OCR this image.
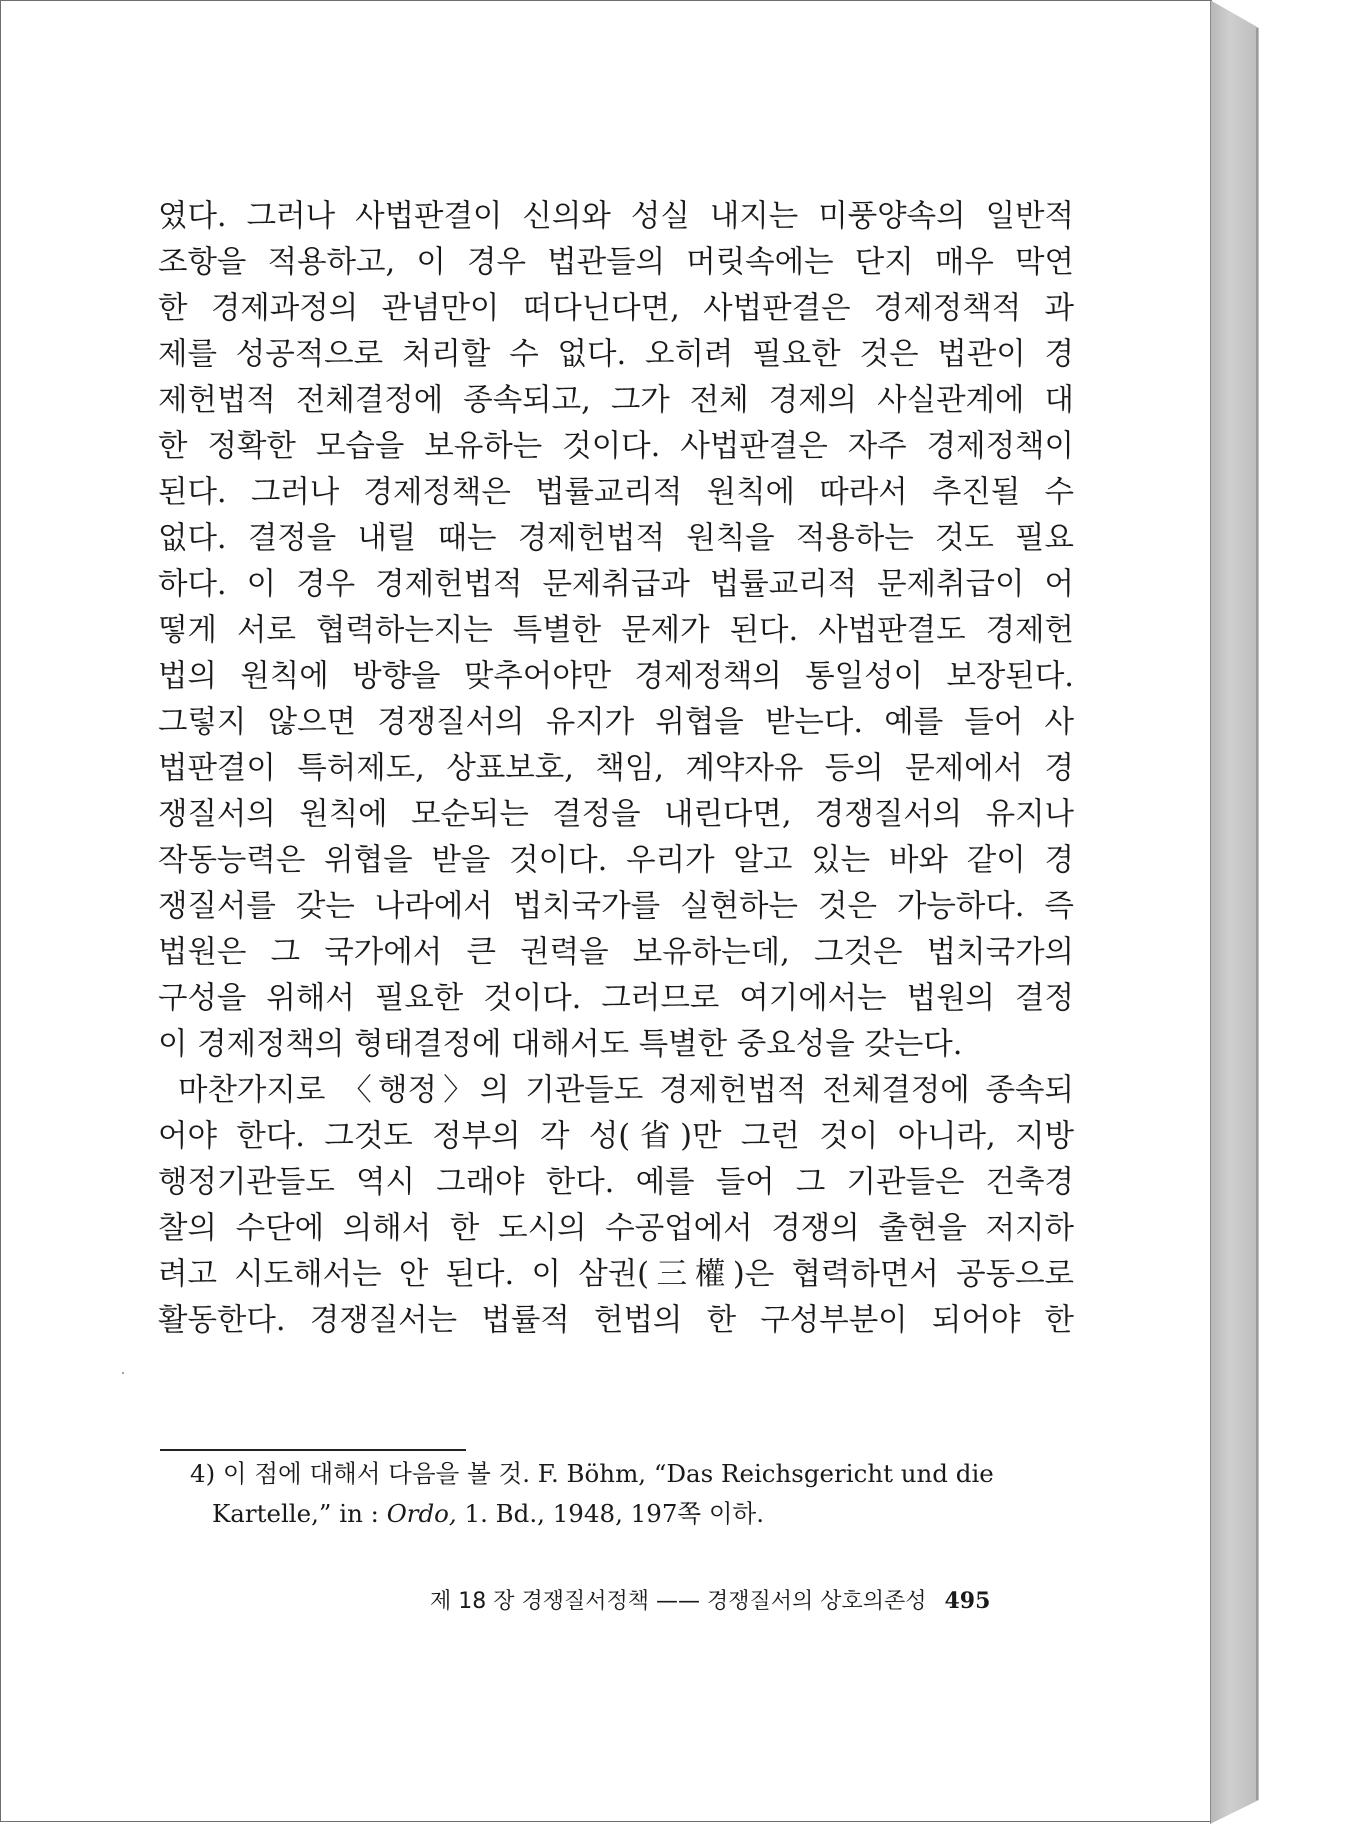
였다. 그러나 사법판결이 신의와 성실 내지는 미풍양속의 일반적
조항을 적용하고, 이 경우 법관들의 머릿속에는 단지 매우 막연
한 경제과정의 관념만이 떠다닌다면, 사법판결은 경제정책적 과
제를 성공적으로 처리할 수 없다. 오히려 필요한 것은 법관이 경
제헌법적 전체결정에 종속되고, 그가 전체 경제의 사실관계에 대
한 정확한 모습을 보유하는 것이다. 사법판결은 자주 경제정책이
된다. 그러나 경제정책은 법률교리적 원칙에 따라서 추진될 수
없다. 결정을 내릴 때는 경제헌법적 원칙을 적용하는 것도 필요
하다. 이 경우 경제헌법적 문제취급과 법률교리적 문제취급이 어
떻게 서로 협력하는지는 특별한 문제가 된다. 사법판결도 경제헌
법의 원칙에 방향을 맞추어야만 경제정책의 통일성이 보장된다.
그렇지 않으면 경쟁질서의 유지가 위협을 받는다. 예를 들어 사
법판결이 특허제도, 상표보호, 책임, 계약자유 등의 문제에서 경
쟁질서의 원칙에 모순되는 결정을 내린다면, 경쟁질서의 유지나
작동능력은 위협을 받을 것이다. 우리가 알고 있는 바와 같이 경
쟁질서를 갖는 나라에서 법치국가를 실현하는 것은 가능하다. 즉
법원은 그 국가에서 큰 권력을 보유하는데, 그것은 법치국가의
구성을 위해서 필요한 것이다. 그러므로 여기에서는 법원의 결정
이 경제정책의 형태결정에 대해서도 특별한 중요성을 갖는다.
마찬가지로 〈행정〉의 기관들도 경제헌법적 전체결정에 종속되
어야 한다. 그것도 정부의 각 성(省)만 그런 것이 아니라, 지방
행정기관들도 역시 그래야 한다. 예를 들어 그 기관들은 건축경
찰의 수단에 의해서 한 도시의 수공업에서 경쟁의 출현을 저지하
려고 시도해서는 안 된다. 이 삼권(三權)은 협력하면서 공동으로
활동한다. 경쟁질서는 법률적 헌법의 한 구성부분이 되어야 한
4) 이 점에 대해서 다음을 볼 것. F. Böhm, “Das Reichsgericht und die
Kartelle,” in : Ordo, 1. Bd., 1948, 197쪽 이하.
제 18 장 경쟁질서정책 —— 경쟁질서의 상호의존성 495
